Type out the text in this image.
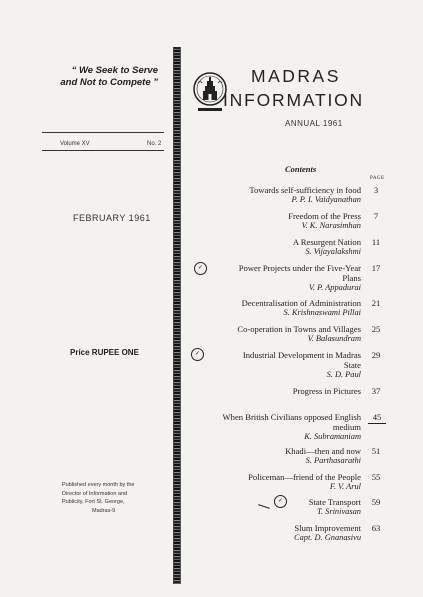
“ We Seek to Serve
and Not to Compete ”
Volume XV	No. 2
FEBRUARY 1961
Price RUPEE ONE
Published every month by the
Director of Information and
Publicity, Fort St. George,
Madras-9
MADRAS
INFORMATION
ANNUAL 1961
Contents
PAGE
Towards self-sufficiency in food
P. P. I. Vaidyanathan
3
Freedom of the Press
V. K. Narasimhan
7
A Resurgent Nation
S. Vijayalakshmi
11
✓	Power Projects under the Five-Year
Plans
V. P. Appadurai
17
Decentralisation of Administration
S. Krishnaswami Pillai
21
Co-operation in Towns and Villages
V. Balasundram
25
✓	Industrial Development in Madras
State
S. D. Paul
29
Progress in Pictures	37
When British Civilians opposed English
medium
K. Subramaniam
45
Khadi—then and now
S. Parthasarathi
51
Policeman—friend of the People
F. V. Arul
55
✓	State Transport
T. Srinivasan
59
Slum Improvement
Capt. D. Gnanasivu
63
